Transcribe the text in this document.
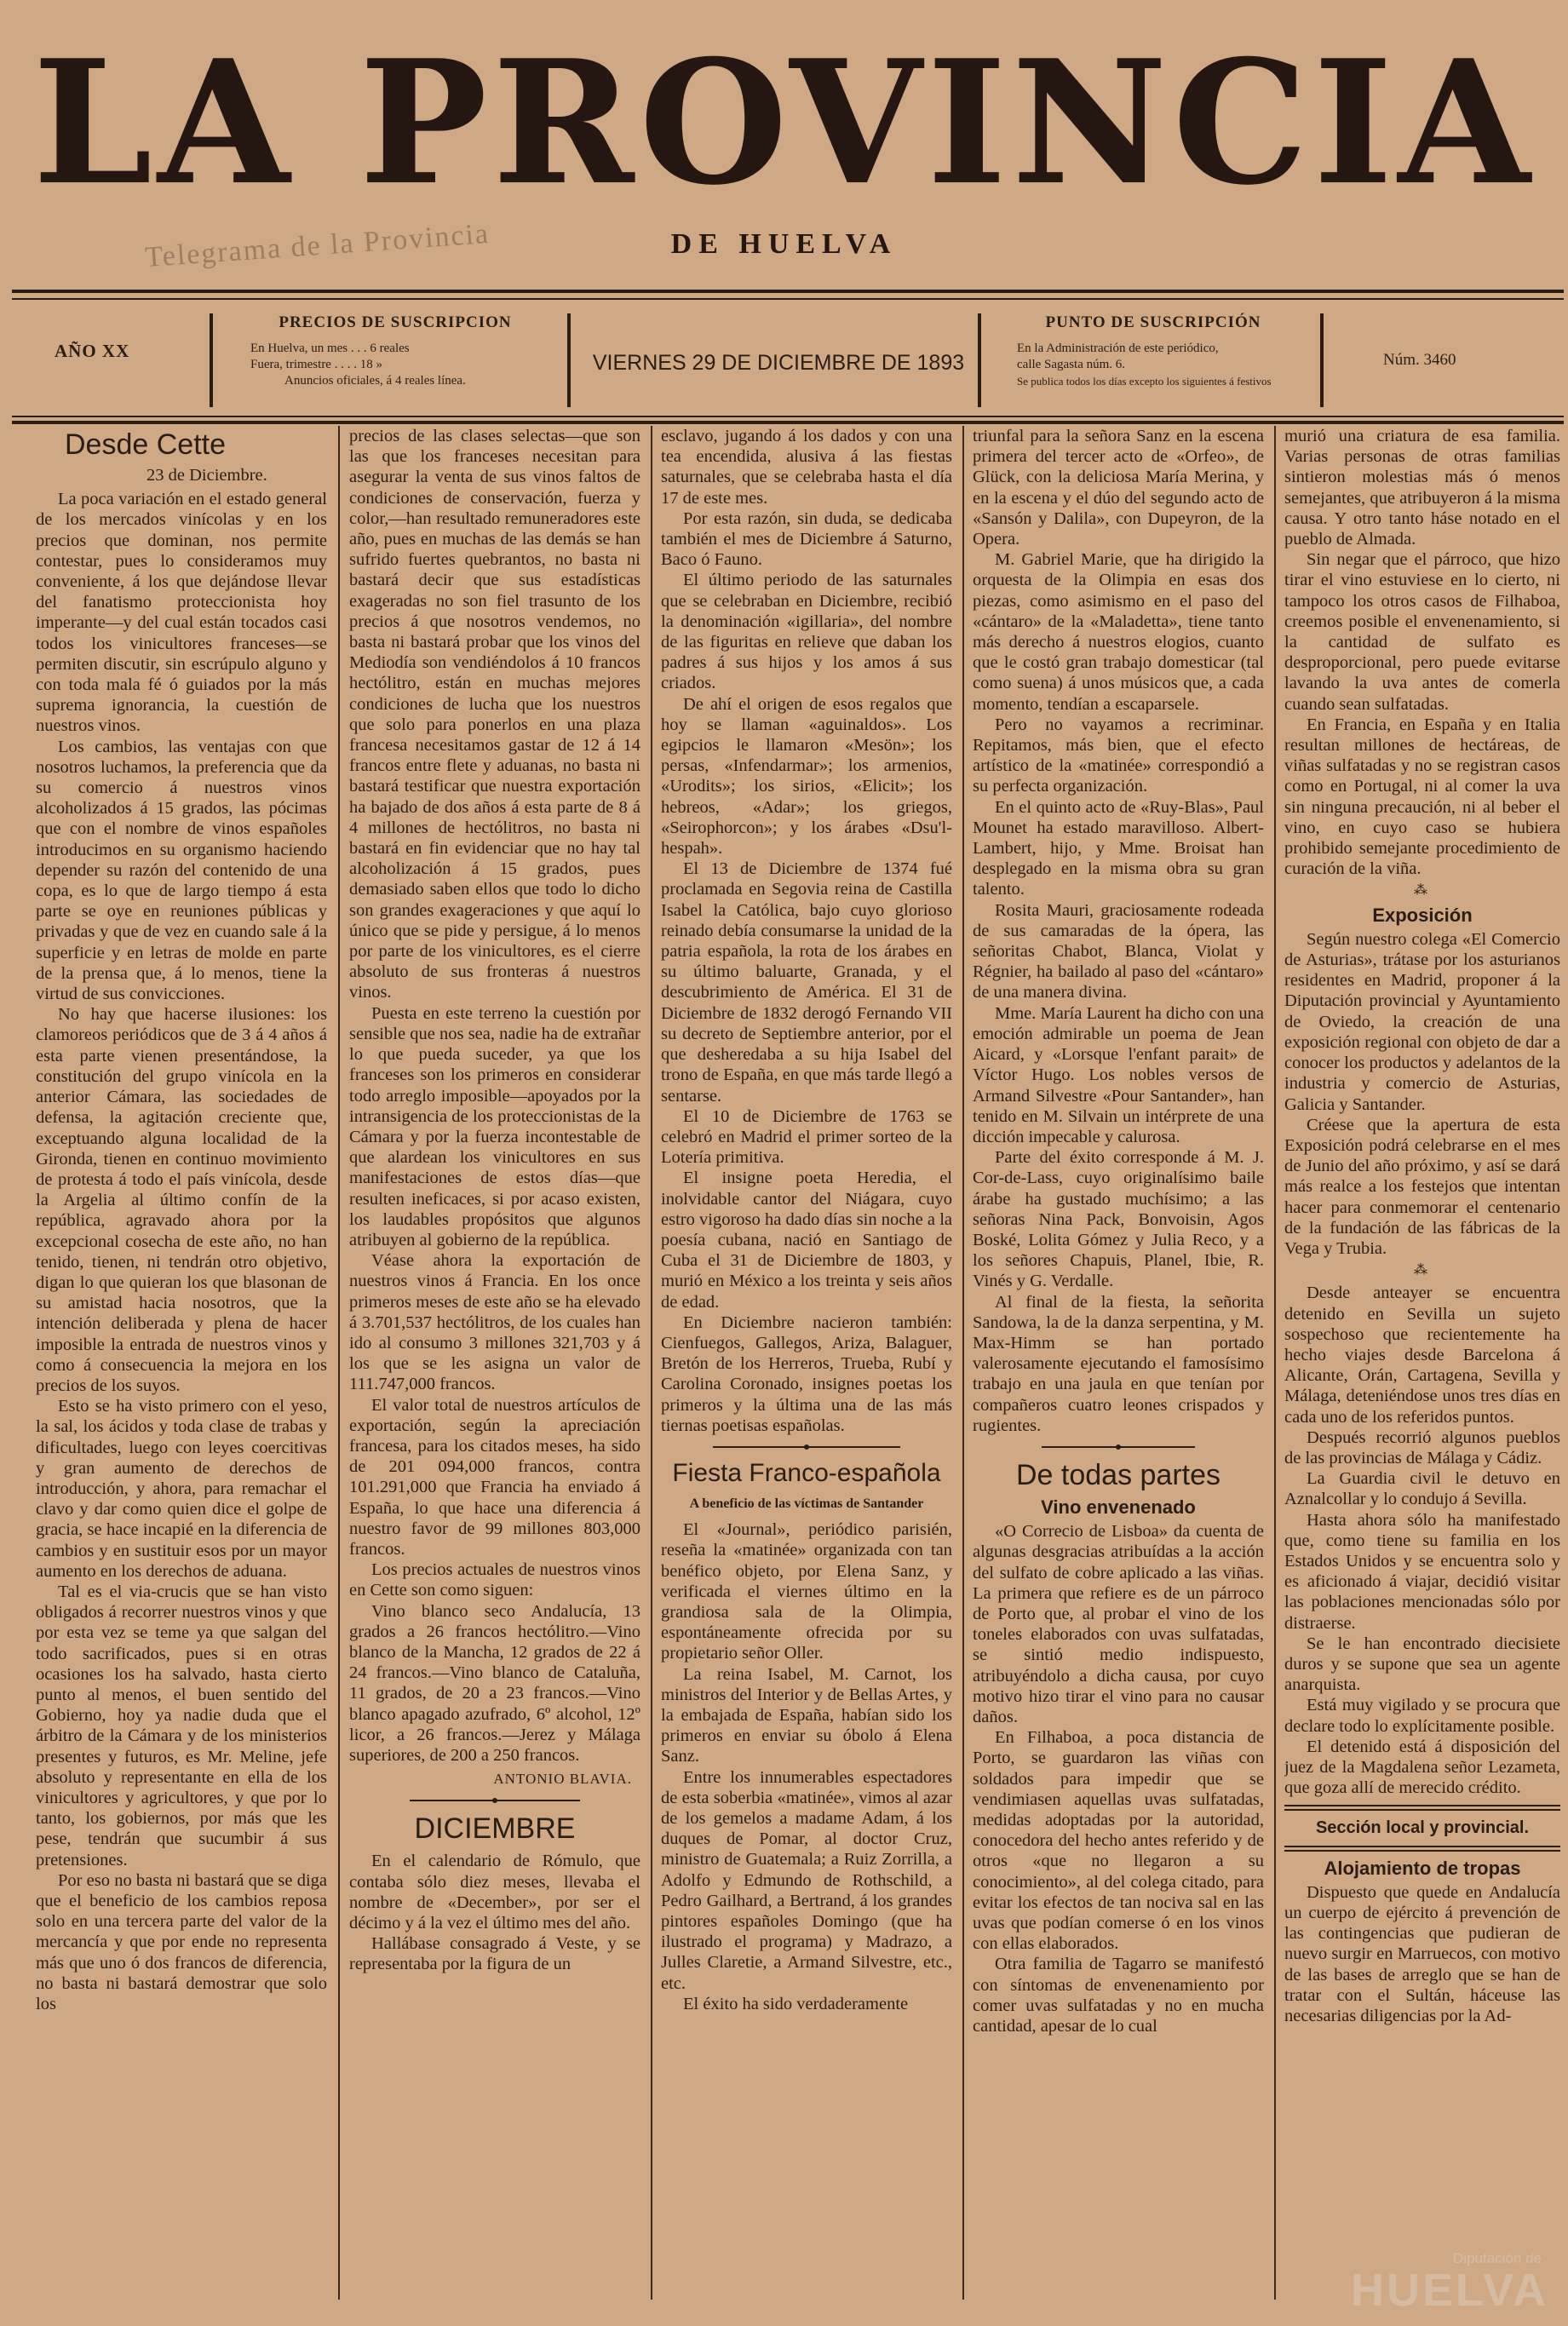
Telegrama de la Provincia
LA PROVINCIA
DE HUELVA
AÑO XX
PRECIOS DE SUSCRIPCION
En Huelva, un mes . . . 6 reales
Fuera, trimestre . . . . 18 »
Anuncios oficiales, á 4 reales línea.
VIERNES 29 DE DICIEMBRE DE 1893
PUNTO DE SUSCRIPCIÓN
En la Administración de este periódico,
calle Sagasta núm. 6.
Se publica todos los días excepto los siguientes á festivos
Núm. 3460
Desde Cette
23 de Diciembre.

La poca variación en el estado general de los mercados vinícolas y en los precios que dominan, nos permite contestar, pues lo consideramos muy conveniente, á los que dejándose llevar del fanatismo proteccionista hoy imperante—y del cual están tocados casi todos los vinicultores franceses—se permiten discutir, sin escrúpulo alguno y con toda mala fé ó guiados por la más suprema ignorancia, la cuestión de nuestros vinos.

Los cambios, las ventajas con que nosotros luchamos, la preferencia que da su comercio á nuestros vinos alcoholizados á 15 grados, las pócimas que con el nombre de vinos españoles introducimos en su organismo haciendo depender su razón del contenido de una copa, es lo que de largo tiempo á esta parte se oye en reuniones públicas y privadas y que de vez en cuando sale á la superficie y en letras de molde en parte de la prensa que, á lo menos, tiene la virtud de sus convicciones.

No hay que hacerse ilusiones: los clamoreos periódicos que de 3 á 4 años á esta parte vienen presentándose, la constitución del grupo vinícola en la anterior Cámara, las sociedades de defensa, la agitación creciente que, exceptuando alguna localidad de la Gironda, tienen en continuo movimiento de protesta á todo el país vinícola, desde la Argelia al último confín de la república, agravado ahora por la excepcional cosecha de este año, no han tenido, tienen, ni tendrán otro objetivo, digan lo que quieran los que blasonan de su amistad hacia nosotros, que la intención deliberada y plena de hacer imposible la entrada de nuestros vinos y como á consecuencia la mejora en los precios de los suyos.

Esto se ha visto primero con el yeso, la sal, los ácidos y toda clase de trabas y dificultades, luego con leyes coercitivas y gran aumento de derechos de introducción, y ahora, para remachar el clavo y dar como quien dice el golpe de gracia, se hace incapié en la diferencia de cambios y en sustituir esos por un mayor aumento en los derechos de aduana.

Tal es el via-crucis que se han visto obligados á recorrer nuestros vinos y que por esta vez se teme ya que salgan del todo sacrificados, pues si en otras ocasiones los ha salvado, hasta cierto punto al menos, el buen sentido del Gobierno, hoy ya nadie duda que el árbitro de la Cámara y de los ministerios presentes y futuros, es Mr. Meline, jefe absoluto y representante en ella de los vinicultores y agricultores, y que por lo tanto, los gobiernos, por más que les pese, tendrán que sucumbir á sus pretensiones.

Por eso no basta ni bastará que se diga que el beneficio de los cambios reposa solo en una tercera parte del valor de la mercancía y que por ende no representa más que uno ó dos francos de diferencia, no basta ni bastará demostrar que solo los

precios de las clases selectas—que son las que los franceses necesitan para asegurar la venta de sus vinos faltos de condiciones de conservación, fuerza y color,—han resultado remuneradores este año, pues en muchas de las demás se han sufrido fuertes quebrantos, no basta ni bastará decir que sus estadísticas exageradas no son fiel trasunto de los precios á que nosotros vendemos, no basta ni bastará probar que los vinos del Mediodía son vendiéndolos á 10 francos hectólitro, están en muchas mejores condiciones de lucha que los nuestros que solo para ponerlos en una plaza francesa necesitamos gastar de 12 á 14 francos entre flete y aduanas, no basta ni bastará testificar que nuestra exportación ha bajado de dos años á esta parte de 8 á 4 millones de hectólitros, no basta ni bastará en fin evidenciar que no hay tal alcoholización á 15 grados, pues demasiado saben ellos que todo lo dicho son grandes exageraciones y que aquí lo único que se pide y persigue, á lo menos por parte de los vinicultores, es el cierre absoluto de sus fronteras á nuestros vinos.

Puesta en este terreno la cuestión por sensible que nos sea, nadie ha de extrañar lo que pueda suceder, ya que los franceses son los primeros en considerar todo arreglo imposible—apoyados por la intransigencia de los proteccionistas de la Cámara y por la fuerza incontestable de que alardean los vinicultores en sus manifestaciones de estos días—que resulten ineficaces, si por acaso existen, los laudables propósitos que algunos atribuyen al gobierno de la república.

Véase ahora la exportación de nuestros vinos á Francia. En los once primeros meses de este año se ha elevado á 3.701,537 hectólitros, de los cuales han ido al consumo 3 millones 321,703 y á los que se les asigna un valor de 111.747,000 francos.

El valor total de nuestros artículos de exportación, según la apreciación francesa, para los citados meses, ha sido de 201 094,000 francos, contra 101.291,000 que Francia ha enviado á España, lo que hace una diferencia á nuestro favor de 99 millones 803,000 francos.

Los precios actuales de nuestros vinos en Cette son como siguen:

Vino blanco seco Andalucía, 13 grados a 26 francos hectólitro.—Vino blanco de la Mancha, 12 grados de 22 á 24 francos.—Vino blanco de Cataluña, 11 grados, de 20 a 23 francos.—Vino blanco apagado azufrado, 6º alcohol, 12º licor, a 26 francos.—Jerez y Málaga superiores, de 200 a 250 francos.

ANTONIO BLAVIA.
DICIEMBRE

En el calendario de Rómulo, que contaba sólo diez meses, llevaba el nombre de «December», por ser el décimo y á la vez el último mes del año.

Hallábase consagrado á Veste, y se representaba por la figura de un

esclavo, jugando á los dados y con una tea encendida, alusiva á las fiestas saturnales, que se celebraba hasta el día 17 de este mes.

Por esta razón, sin duda, se dedicaba también el mes de Diciembre á Saturno, Baco ó Fauno.

El último periodo de las saturnales que se celebraban en Diciembre, recibió la denominación «igillaria», del nombre de las figuritas en relieve que daban los padres á sus hijos y los amos á sus criados.

De ahí el origen de esos regalos que hoy se llaman «aguinaldos». Los egipcios le llamaron «Mesön»; los persas, «Infendarmar»; los armenios, «Urodits»; los sirios, «Elicit»; los hebreos, «Adar»; los griegos, «Seirophorcon»; y los árabes «Dsu'l-hespah».

El 13 de Diciembre de 1374 fué proclamada en Segovia reina de Castilla Isabel la Católica, bajo cuyo glorioso reinado debía consumarse la unidad de la patria española, la rota de los árabes en su último baluarte, Granada, y el descubrimiento de América. El 31 de Diciembre de 1832 derogó Fernando VII su decreto de Septiembre anterior, por el que desheredaba a su hija Isabel del trono de España, en que más tarde llegó a sentarse.

El 10 de Diciembre de 1763 se celebró en Madrid el primer sorteo de la Lotería primitiva.

El insigne poeta Heredia, el inolvidable cantor del Niágara, cuyo estro vigoroso ha dado días sin noche a la poesía cubana, nació en Santiago de Cuba el 31 de Diciembre de 1803, y murió en México a los treinta y seis años de edad.

En Diciembre nacieron también: Cienfuegos, Gallegos, Ariza, Balaguer, Bretón de los Herreros, Trueba, Rubí y Carolina Coronado, insignes poetas los primeros y la última una de las más tiernas poetisas españolas.

Fiesta Franco-española
A beneficio de las víctimas de Santander

El «Journal», periódico parisién, reseña la «matinée» organizada con tan benéfico objeto, por Elena Sanz, y verificada el viernes último en la grandiosa sala de la Olimpia, espontáneamente ofrecida por su propietario señor Oller.

La reina Isabel, M. Carnot, los ministros del Interior y de Bellas Artes, y la embajada de España, habían sido los primeros en enviar su óbolo á Elena Sanz.

Entre los innumerables espectadores de esta soberbia «matinée», vimos al azar de los gemelos a madame Adam, á los duques de Pomar, al doctor Cruz, ministro de Guatemala; a Ruiz Zorrilla, a Adolfo y Edmundo de Rothschild, a Pedro Gailhard, a Bertrand, á los grandes pintores españoles Domingo (que ha ilustrado el programa) y Madrazo, a Julles Claretie, a Armand Silvestre, etc., etc.

El éxito ha sido verdaderamente

triunfal para la señora Sanz en la escena primera del tercer acto de «Orfeo», de Glück, con la deliciosa María Merina, y en la escena y el dúo del segundo acto de «Sansón y Dalila», con Dupeyron, de la Opera.

M. Gabriel Marie, que ha dirigido la orquesta de la Olimpia en esas dos piezas, como asimismo en el paso del «cántaro» de la «Maladetta», tiene tanto más derecho á nuestros elogios, cuanto que le costó gran trabajo domesticar (tal como suena) á unos músicos que, a cada momento, tendían a escaparsele.

Pero no vayamos a recriminar. Repitamos, más bien, que el efecto artístico de la «matinée» correspondió a su perfecta organización.

En el quinto acto de «Ruy-Blas», Paul Mounet ha estado maravilloso. Albert-Lambert, hijo, y Mme. Broisat han desplegado en la misma obra su gran talento.

Rosita Mauri, graciosamente rodeada de sus camaradas de la ópera, las señoritas Chabot, Blanca, Violat y Régnier, ha bailado al paso del «cántaro» de una manera divina.

Mme. María Laurent ha dicho con una emoción admirable un poema de Jean Aicard, y «Lorsque l'enfant parait» de Víctor Hugo. Los nobles versos de Armand Silvestre «Pour Santander», han tenido en M. Silvain un intérprete de una dicción impecable y calurosa.

Parte del éxito corresponde á M. J. Cor-de-Lass, cuyo originalísimo baile árabe ha gustado muchísimo; a las señoras Nina Pack, Bonvoisin, Agos Boské, Lolita Gómez y Julia Reco, y a los señores Chapuis, Planel, Ibie, R. Vinés y G. Verdalle.

Al final de la fiesta, la señorita Sandowa, la de la danza serpentina, y M. Max-Himm se han portado valerosamente ejecutando el famosísimo trabajo en una jaula en que tenían por compañeros cuatro leones crispados y rugientes.

De todas partes
Vino envenenado

«O Correcio de Lisboa» da cuenta de algunas desgracias atribuídas a la acción del sulfato de cobre aplicado a las viñas. La primera que refiere es de un párroco de Porto que, al probar el vino de los toneles elaborados con uvas sulfatadas, se sintió medio indispuesto, atribuyéndolo a dicha causa, por cuyo motivo hizo tirar el vino para no causar daños.

En Filhaboa, a poca distancia de Porto, se guardaron las viñas con soldados para impedir que se vendimiasen aquellas uvas sulfatadas, medidas adoptadas por la autoridad, conocedora del hecho antes referido y de otros «que no llegaron a su conocimiento», al del colega citado, para evitar los efectos de tan nociva sal en las uvas que podían comerse ó en los vinos con ellas elaborados.

Otra familia de Tagarro se manifestó con síntomas de envenenamiento por comer uvas sulfatadas y no en mucha cantidad, apesar de lo cual

murió una criatura de esa familia. Varias personas de otras familias sintieron molestias más ó menos semejantes, que atribuyeron á la misma causa. Y otro tanto háse notado en el pueblo de Almada.

Sin negar que el párroco, que hizo tirar el vino estuviese en lo cierto, ni tampoco los otros casos de Filhaboa, creemos posible el envenenamiento, si la cantidad de sulfato es desproporcional, pero puede evitarse lavando la uva antes de comerla cuando sean sulfatadas.

En Francia, en España y en Italia resultan millones de hectáreas, de viñas sulfatadas y no se registran casos como en Portugal, ni al comer la uva sin ninguna precaución, ni al beber el vino, en cuyo caso se hubiera prohibido semejante procedimiento de curación de la viña.

⁂
Exposición

Según nuestro colega «El Comercio de Asturias», trátase por los asturianos residentes en Madrid, proponer á la Diputación provincial y Ayuntamiento de Oviedo, la creación de una exposición regional con objeto de dar a conocer los productos y adelantos de la industria y comercio de Asturias, Galicia y Santander.

Créese que la apertura de esta Exposición podrá celebrarse en el mes de Junio del año próximo, y así se dará más realce a los festejos que intentan hacer para conmemorar el centenario de la fundación de las fábricas de la Vega y Trubia.

⁂

Desde anteayer se encuentra detenido en Sevilla un sujeto sospechoso que recientemente ha hecho viajes desde Barcelona á Alicante, Orán, Cartagena, Sevilla y Málaga, deteniéndose unos tres días en cada uno de los referidos puntos.

Después recorrió algunos pueblos de las provincias de Málaga y Cádiz.

La Guardia civil le detuvo en Aznalcollar y lo condujo á Sevilla.

Hasta ahora sólo ha manifestado que, como tiene su familia en los Estados Unidos y se encuentra solo y es aficionado á viajar, decidió visitar las poblaciones mencionadas sólo por distraerse.

Se le han encontrado diecisiete duros y se supone que sea un agente anarquista.

Está muy vigilado y se procura que declare todo lo explícitamente posible.

El detenido está á disposición del juez de la Magdalena señor Lezameta, que goza allí de merecido crédito.

Sección local y provincial.
Alojamiento de tropas

Dispuesto que quede en Andalucía un cuerpo de ejército á prevención de las contingencias que pudieran de nuevo surgir en Marruecos, con motivo de las bases de arreglo que se han de tratar con el Sultán, háceuse las necesarias diligencias por la Ad-

Diputación de
HUELVA
